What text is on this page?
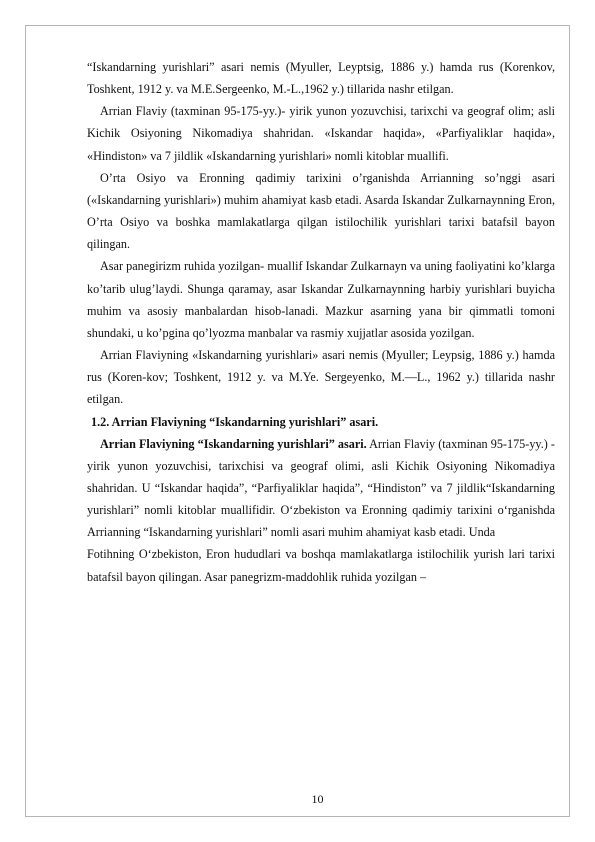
“Iskandarning yurishlari” asari nemis (Myuller, Leyptsig, 1886 y.) hamda rus (Korenkov, Toshkent, 1912 y. va M.E.Sergeenko, M.-L.,1962 y.) tillarida nashr etilgan.

Arrian Flaviy (taxminan 95-175-yy.)- yirik yunon yozuvchisi, tarixchi va geograf olim; asli Kichik Osiyoning Nikomadiya shahridan. «Iskandar haqida», «Parfiyaliklar haqida», «Hindiston» va 7 jildlik «Iskandarning yurishlari» nomli kitoblar muallifi.

O’rta Osiyo va Eronning qadimiy tarixini o’rganishda Arrianning so’nggi asari («Iskandarning yurishlari») muhim ahamiyat kasb etadi. Asarda Iskandar Zulkarnaynning Eron, O’rta Osiyo va boshka mamlakatlarga qilgan istilochilik yurishlari tarixi batafsil bayon qilingan.

Asar panegirizm ruhida yozilgan- muallif Iskandar Zulkarnayn va uning faoliyatini ko’klarga ko’tarib ulug’laydi. Shunga qaramay, asar Iskandar Zulkarnaynning harbiy yurishlari buyicha muhim va asosiy manbalardan hisob-lanadi. Mazkur asarning yana bir qimmatli tomoni shundaki, u ko’pgina qo’lyozma manbalar va rasmiy xujjatlar asosida yozilgan.

Arrian Flaviyning «Iskandarning yurishlari» asari nemis (Myuller; Leypsig, 1886 y.) hamda rus (Koren-kov; Toshkent, 1912 y. va M.Ye. Sergeyenko, M.—L., 1962 y.) tillarida nashr etilgan.

1.2. Arrian Flaviyning “Iskandarning yurishlari” asari.

Arrian Flaviyning “Iskandarning yurishlari” asari. Arrian Flaviy (taxminan 95-175-yy.) - yirik yunon yozuvchisi, tarixchisi va geograf olimi, asli Kichik Osiyoning Nikomadiya shahridan. U “Iskandar haqida”, “Parfiyaliklar haqida”, “Hindiston” va 7 jildlik“Iskandarning yurishlari” nomli kitoblar muallifidir. O‘zbekiston va Eronning qadimiy tarixini o‘rganishda Arrianning “Iskandarning yurishlari” nomli asari muhim ahamiyat kasb etadi. Unda

Fotihning O‘zbekiston, Eron hududlari va boshqa mamlakatlarga istilochilik yurish lari tarixi batafsil bayon qilingan. Asar panegrizm-maddohlik ruhida yozilgan –

10
